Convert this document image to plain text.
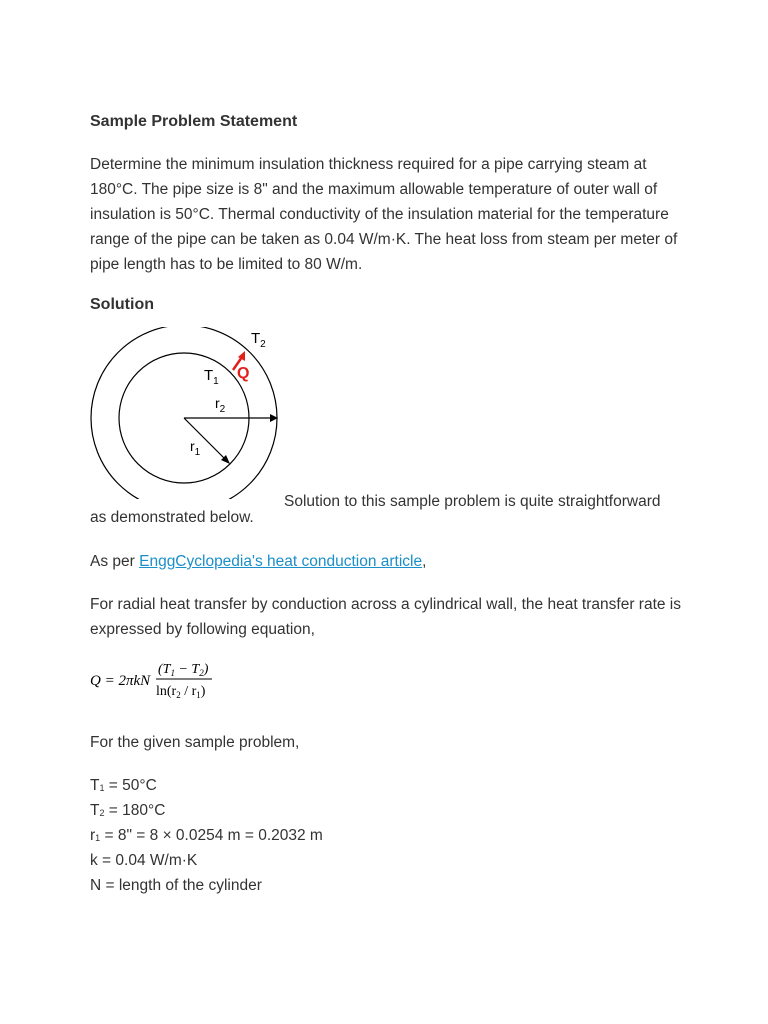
Sample Problem Statement

Determine the minimum insulation thickness required for a pipe carrying steam at 180°C. The pipe size is 8" and the maximum allowable temperature of outer wall of insulation is 50°C. Thermal conductivity of the insulation material for the temperature range of the pipe can be taken as 0.04 W/m·K. The heat loss from steam per meter of pipe length has to be limited to 80 W/m.

Solution
$T_2$
$T_1$ Q
$r_2$
$r_1$
Solution to this sample problem is quite straightforward

as demonstrated below.

As per EnggCyclopedia's heat conduction article,

For radial heat transfer by conduction across a cylindrical wall, the heat transfer rate is expressed by following equation,

Q = 2πkN
$(T_1 - T_2)$
$\ln(r_2 / r_1)$

For the given sample problem,

$T_1 = 50^\circ C$

$T_2 = 180^\circ C$

$r_1 = 8$" = 8 × 0.0254 m = 0.2032 m

k = 0.04 W/m·K

N = length of the cylinder
